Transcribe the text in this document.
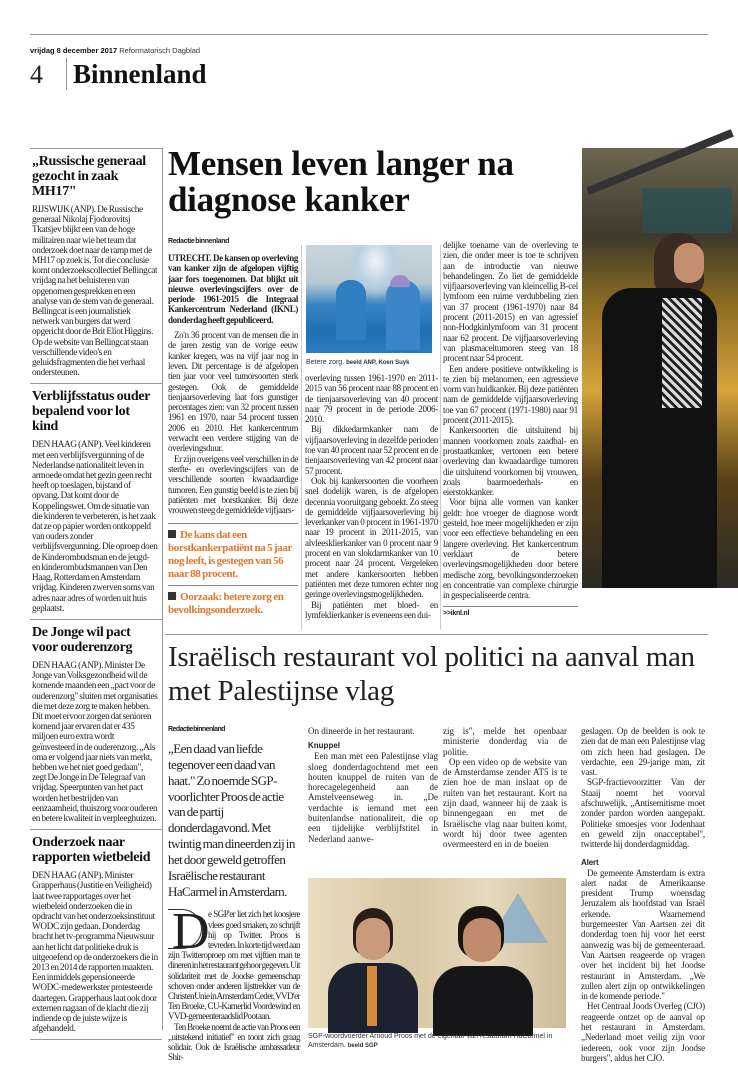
vrijdag 8 december 2017 Reformatorisch Dagblad
4 Binnenland
„Russische generaal gezocht in zaak MH17"

RIJSWIJK (ANP). De Russische generaal Nikolaj Fjodorovitsj Tkatsjev blijkt een van de hoge militairen naar wie het team dat onderzoek doet naar de ramp met de MH17 op zoek is. Tot die conclusie komt onderzoekscollectief Bellingcat vrijdag na het beluisteren van opgenomen gesprekken en een analyse van de stem van de generaal. Bellingcat is een journalistiek netwerk van burgers dat werd opgericht door de Brit Eliot Higgins. Op de website van Bellingcat staan verschillende video's en geluidsfragmenten die het verhaal ondersteunen.

Verblijfsstatus ouder bepalend voor lot kind

DEN HAAG (ANP). Veel kinderen met een verblijfsvergunning of de Nederlandse nationaliteit leven in armoede omdat het gezin geen recht heeft op toeslagen, bijstand of opvang. Dat komt door de Koppelingswet. Om de situatie van die kinderen te verbeteren, is het zaak dat ze op papier worden ontkoppeld van ouders zonder verblijfsvergunning. Die oproep doen de Kinderombudsman en de jeugd- en kinderombudsmannen van Den Haag, Rotterdam en Amsterdam vrijdag. Kinderen zwerven soms van adres naar adres of worden uit huis geplaatst.

De Jonge wil pact voor ouderenzorg

DEN HAAG (ANP). Minister De Jonge van Volksgezondheid wil de komende maanden een „pact voor de ouderenzorg" sluiten met organisaties die met deze zorg te maken hebben. Dit moet ervoor zorgen dat senioren komend jaar ervaren dat er 435 miljoen euro extra wordt geïnvesteerd in de ouderenzorg. „Als oma er volgend jaar niets van merkt, hebben we het niet goed gedaan", zegt De Jonge in De Telegraaf van vrijdag. Speerpunten van het pact worden het bestrijden van eenzaamheid, thuiszorg voor ouderen en betere kwaliteit in verpleeghuizen.

Onderzoek naar rapporten wietbeleid

DEN HAAG (ANP). Minister Grapperhaus (Justitie en Veiligheid) laat twee rapportages over het wietbeleid onderzoeken die in opdracht van het onderzoeksinstituut WODC zijn gedaan. Donderdag bracht het tv-programma Nieuwsuur aan het licht dat politieke druk is uitgeoefend op de onderzoekers die in 2013 en 2014 de rapporten maakten. Een inmiddels gepensioneerde WODC-medewerkster protesteerde daartegen. Grapperhaus laat ook door externen nagaan of de klacht die zij indiende op de juiste wijze is afgehandeld.

Mensen leven langer na diagnose kanker
Redactie binnenland
UTRECHT. De kansen op overleving van kanker zijn de afgelopen vijftig jaar fors toegenomen. Dat blijkt uit nieuwe overlevingscijfers over de periode 1961-2015 die Integraal Kankercentrum Nederland (IKNL) donderdag heeft gepubliceerd.

Zo'n 36 procent van de mensen die in de jaren zestig van de vorige eeuw kanker kregen, was na vijf jaar nog in leven. Dit percentage is de afgelopen tien jaar voor veel tumorsoorten sterk gestegen. Ook de gemiddelde tienjaarsoverleving laat fors gunstiger percentages zien: van 32 procent tussen 1961 en 1970, naar 54 procent tussen 2006 en 2010. Het kankercentrum verwacht een verdere stijging van de overlevingsduur.

Er zijn overigens veel verschillen in de sterfte- en overlevingscijfers van de verschillende soorten kwaadaardige tumoren. Een gunstig beeld is te zien bij patiënten met borstkanker. Bij deze vrouwen steeg de gemiddelde vijfjaars-

De kans dat een borstkankerpatiënt na 5 jaar nog leeft, is gestegen van 56 naar 88 procent.
Oorzaak: betere zorg en bevolkingsonderzoek.
Betere zorg. beeld ANP, Koen Suyk

overleving tussen 1961-1970 en 2011-2015 van 56 procent naar 88 procent en de tienjaarsoverleving van 40 procent naar 79 procent in de periode 2006-2010.

Bij dikkedarmkanker nam de vijfjaarsoverleving in dezelfde perioden toe van 40 procent naar 52 procent en de tienjaarsoverleving van 42 procent naar 57 procent.

Ook bij kankersoorten die voorheen snel dodelijk waren, is de afgelopen decennia vooruitgang geboekt. Zo steeg de gemiddelde vijfjaarsoverleving bij leverkanker van 0 procent in 1961-1970 naar 19 procent in 2011-2015, van alvleesklierkanker van 0 procent naar 9 procent en van slokdarmkanker van 10 procent naar 24 procent. Vergeleken met andere kankersoorten hebben patiënten met deze tumoren echter nog geringe overlevingsmogelijkheden.

Bij patiënten met bloed- en lymfeklierkanker is eveneens een dui-

delijke toename van de overleving te zien, die onder meer is toe te schrijven aan de introductie van nieuwe behandelingen. Zo liet de gemiddelde vijfjaarsoverleving van kleincellig B-cel lymfoom een ruime verdubbeling zien van 37 procent (1961-1970) naar 84 procent (2011-2015) en van agressief non-Hodgkinlymfoom van 31 procent naar 62 procent. De vijfjaarsoverleving van plasmaceltumoren steeg van 18 procent naar 54 procent.

Een andere positieve ontwikkeling is te zien bij melanomen, een agressieve vorm van huidkanker. Bij deze patiënten nam de gemiddelde vijfjaarsoverleving toe van 67 procent (1971-1980) naar 91 procent (2011-2015).

Kankersoorten die uitsluitend bij mannen voorkomen zoals zaadbal- en prostaatkanker, vertonen een betere overleving dan kwaadaardige tumoren die uitsluitend voorkomen bij vrouwen, zoals baarmoederhals- en eierstokkanker.

Voor bijna alle vormen van kanker geldt: hoe vroeger de diagnose wordt gesteld, hoe meer mogelijkheden er zijn voor een effectieve behandeling en een langere overleving. Het kankercentrum verklaart de betere overlevingsmogelijkheden door betere medische zorg, bevolkingsonderzoeken en concentratie van complexe chirurgie in gespecialiseerde centra.

>>iknl.nl
Israëlisch restaurant vol politici na aanval man met Palestijnse vlag
Redactie binnenland
„Een daad van liefde tegenover een daad van haat." Zo noemde SGP-voorlichter Proos de actie van de partij donderdagavond. Met twintig man dineerden zij in het door geweld getroffen Israëlische restaurant HaCarmel in Amsterdam.
D

e SGP'er liet zich het koosjere vlees goed smaken, zo schrijft hij op Twitter. Proos is tevreden. In korte tijd werd aan zijn Twitteroproep om met vijftien man te dineren in het restaurant gehoor gegeven. Uit solidariteit met de Joodse gemeenschap schoven onder anderen lijsttrekker van de ChristenUnie in Amsterdam Ceder, VVD'er Ten Broeke, CU-Kamerlid Voordewind en VVD-gemeenteraadslid Poot aan.

Ten Broeke noemt de actie van Proos een „uitstekend initiatief" en toont zich graag solidair. Ook de Israëlische ambassadeur Shir-

On dineerde in het restaurant.

Knuppel

Een man met een Palestijnse vlag sloeg donderdagochtend met een houten knuppel de ruiten van de horecagelegenheid aan de Amstelveenseweg in. „De verdachte is iemand met een buitenlandse nationaliteit, die op een tijdelijke verblijfstitel in Nederland aanwe-

zig is", melde het openbaar ministerie donderdag via de politie.

Op een video op de website van de Amsterdamse zender AT5 is te zien hoe de man inslaat op de ruiten van het restaurant. Kort na zijn daad, wanneer hij de zaak is binnengegaan en met de Israëlische vlag naar buiten komt, wordt hij door twee agenten overmeesterd en in de boeien

SGP-woordvoerder Arnoud Proos met de eigenaar van restaurant HaCarmel in Amsterdam. beeld SGP

geslagen. Op de beelden is ook te zien dat de man een Palestijnse vlag om zich heen had geslagen. De verdachte, een 29-jarige man, zit vast.

SGP-fractievoorzitter Van der Staaij noemt het voorval afschuwelijk. „Antisemitisme moet zonder pardon worden aangepakt. Politieke smoesjes voor Jodenhaat en geweld zijn onacceptabel", twitterde hij donderdagmiddag.

Alert

De gemeente Amsterdam is extra alert nadat de Amerikaanse president Trump woensdag Jeruzalem als hoofdstad van Israël erkende. Waarnemend burgemeester Van Aartsen zei dit donderdag toen hij voor het eerst aanwezig was bij de gemeenteraad. Van Aartsen reageerde op vragen over het incident bij het Joodse restaurant in Amsterdam. „We zullen alert zijn op ontwikkelingen in de komende periode."

Het Centraal Joods Overleg (CJO) reageerde ontzet op de aanval op het restaurant in Amsterdam. „Nederland moet veilig zijn voor iedereen, ook voor zijn Joodse burgers", aldus het CJO.
